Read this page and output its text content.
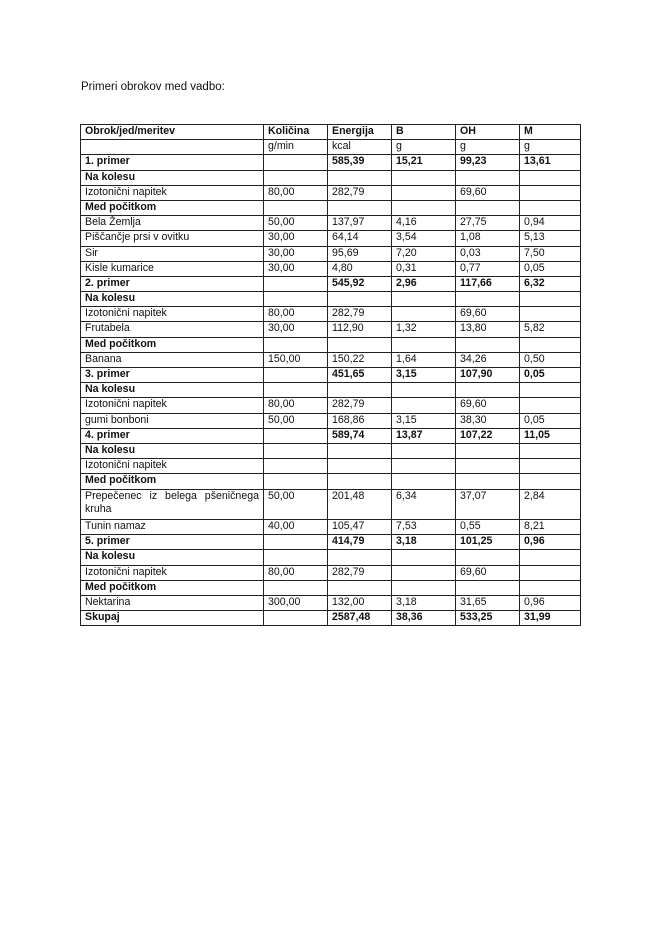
Primeri obrokov med vadbo:
Obrok/jed/meritev	Količina	Energija	B	OH	M
	g/min	kcal	g	g	g
1. primer		585,39	15,21	99,23	13,61
Na kolesu					
Izotonični napitek	80,00	282,79		69,60	
Med počitkom					
Bela Žemlja	50,00	137,97	4,16	27,75	0,94
Piščančje prsi v ovitku	30,00	64,14	3,54	1,08	5,13
Sir	30,00	95,69	7,20	0,03	7,50
Kisle kumarice	30,00	4,80	0,31	0,77	0,05
2. primer		545,92	2,96	117,66	6,32
Na kolesu					
Izotonični napitek	80,00	282,79		69,60	
Frutabela	30,00	112,90	1,32	13,80	5,82
Med počitkom					
Banana	150,00	150,22	1,64	34,26	0,50
3. primer		451,65	3,15	107,90	0,05
Na kolesu					
Izotonični napitek	80,00	282,79		69,60	
gumi bonboni	50,00	168,86	3,15	38,30	0,05
4. primer		589,74	13,87	107,22	11,05
Na kolesu					
Izotonični napitek					
Med počitkom					
Prepečenec iz belega pšeničnega kruha	50,00	201,48	6,34	37,07	2,84
Tunin namaz	40,00	105,47	7,53	0,55	8,21
5. primer		414,79	3,18	101,25	0,96
Na kolesu					
Izotonični napitek	80,00	282,79		69,60	
Med počitkom					
Nektarina	300,00	132,00	3,18	31,65	0,96
Skupaj		2587,48	38,36	533,25	31,99
